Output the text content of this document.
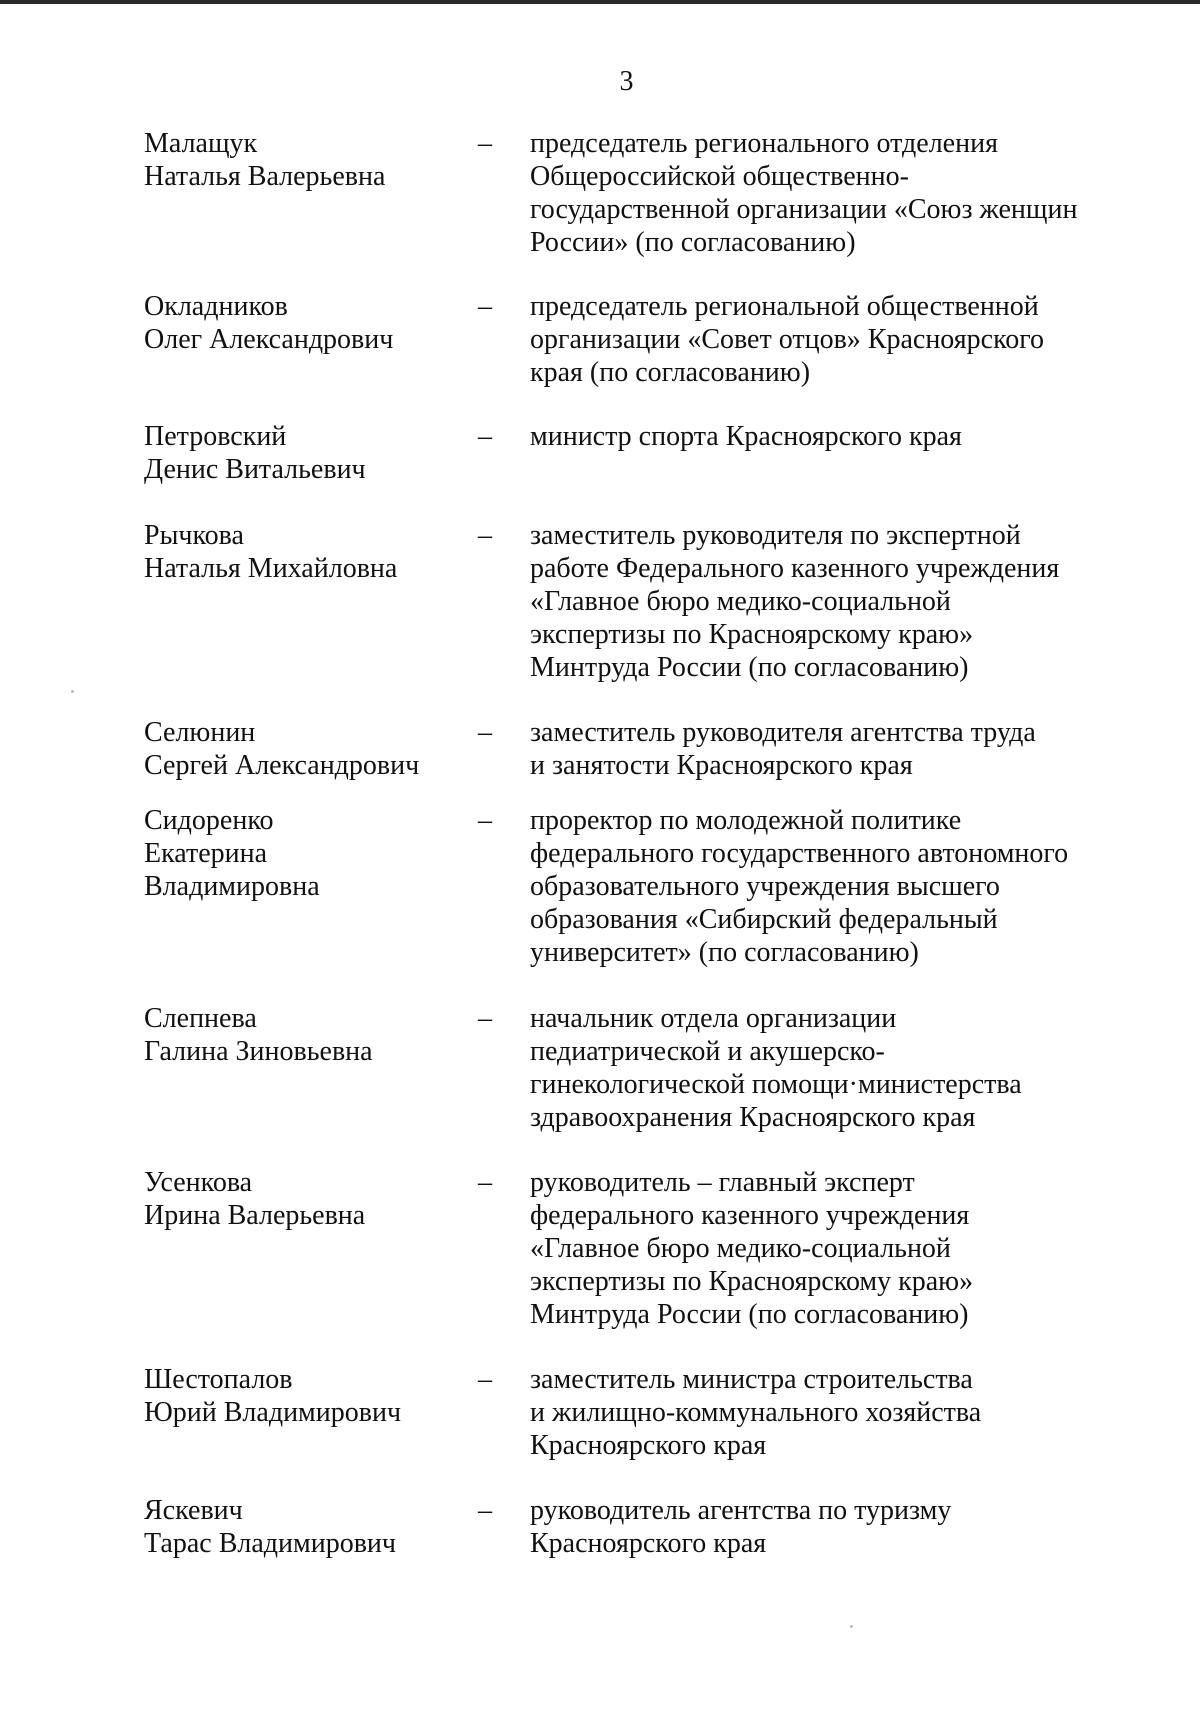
3
Малащук
Наталья Валерьевна
– председатель регионального отделения
Общероссийской общественно-
государственной организации «Союз женщин
России» (по согласованию)
Окладников
Олег Александрович
– председатель региональной общественной
организации «Совет отцов» Красноярского
края (по согласованию)
Петровский
Денис Витальевич
– министр спорта Красноярского края
Рычкова
Наталья Михайловна
– заместитель руководителя по экспертной
работе Федерального казенного учреждения
«Главное бюро медико-социальной
экспертизы по Красноярскому краю»
Минтруда России (по согласованию)
Селюнин
Сергей Александрович
– заместитель руководителя агентства труда
и занятости Красноярского края
Сидоренко
Екатерина
Владимировна
– проректор по молодежной политике
федерального государственного автономного
образовательного учреждения высшего
образования «Сибирский федеральный
университет» (по согласованию)
Слепнева
Галина Зиновьевна
– начальник отдела организации
педиатрической и акушерско-
гинекологической помощи·министерства
здравоохранения Красноярского края
Усенкова
Ирина Валерьевна
– руководитель – главный эксперт
федерального казенного учреждения
«Главное бюро медико-социальной
экспертизы по Красноярскому краю»
Минтруда России (по согласованию)
Шестопалов
Юрий Владимирович
– заместитель министра строительства
и жилищно-коммунального хозяйства
Красноярского края
Яскевич
Тарас Владимирович
– руководитель агентства по туризму
Красноярского края
